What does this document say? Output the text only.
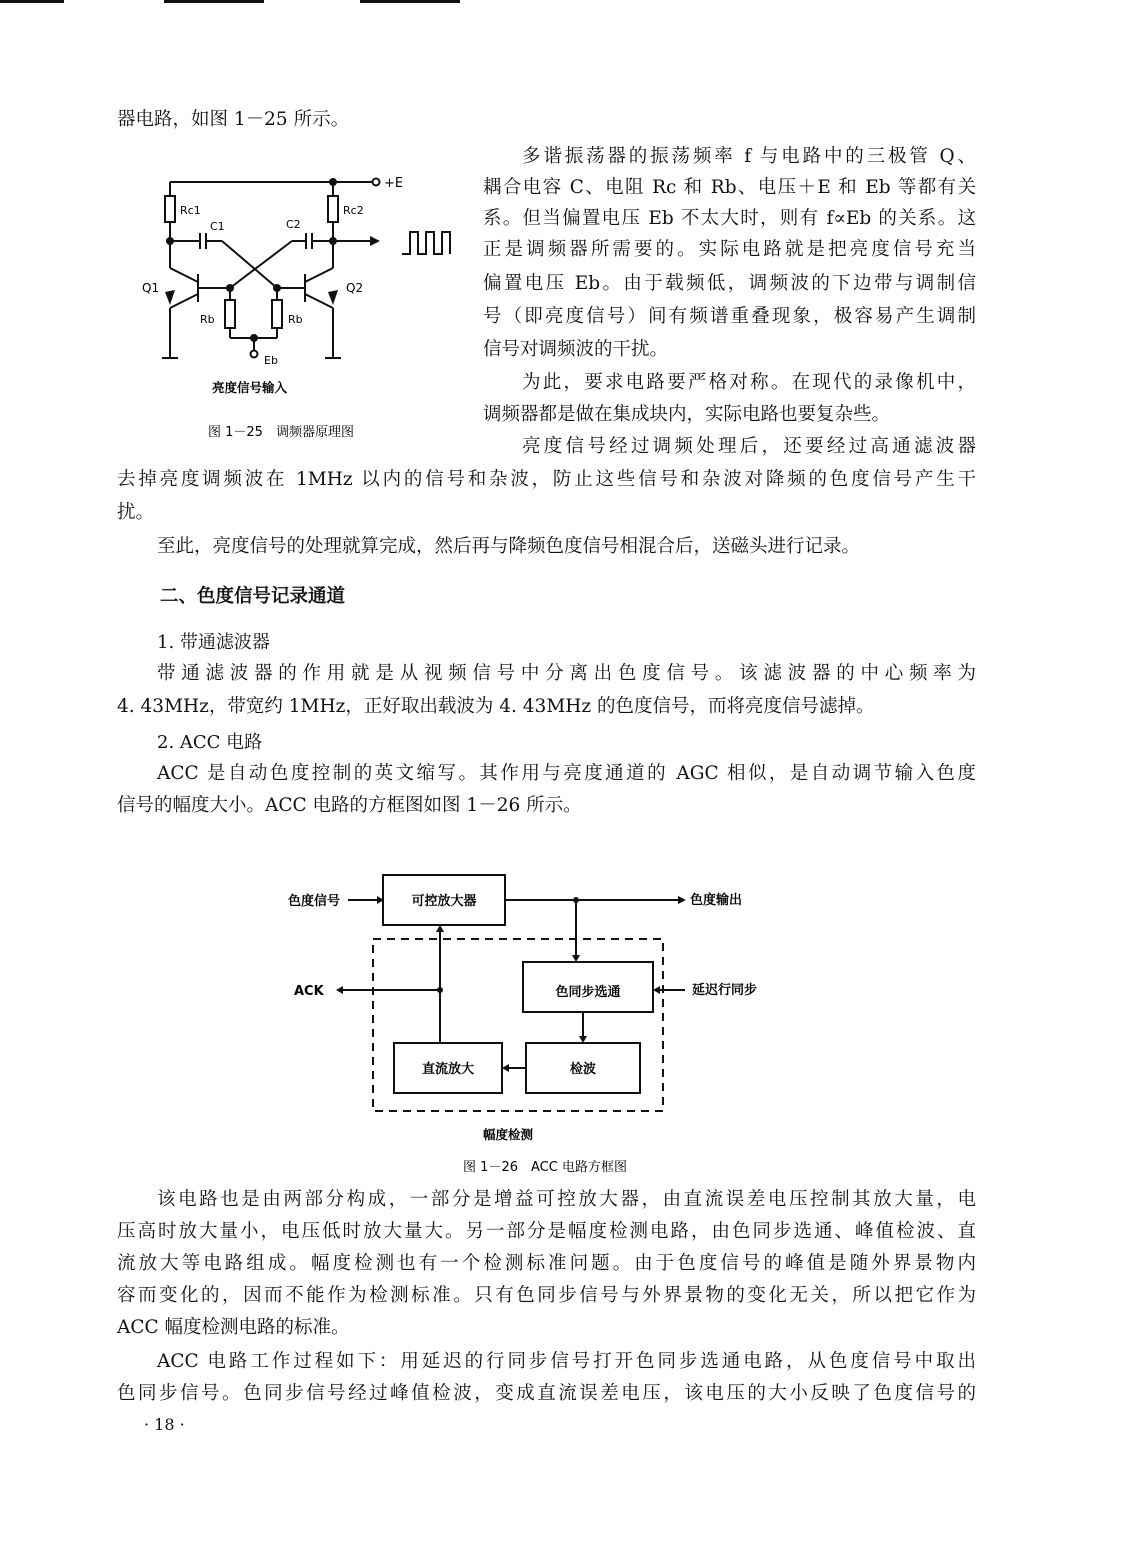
器电路，如图 1－25 所示。

+E
Rc1	Rc2
C1	C2
Q1	Q2
Rb	Rb
Eb
亮度信号输入
图 1－25　调频器原理图

多谐振荡器的振荡频率 f 与电路中的三极管 Q、

耦合电容 C、电阻 Rc 和 Rb、电压＋E 和 Eb 等都有关

系。但当偏置电压 Eb 不太大时，则有 f∝Eb 的关系。这

正是调频器所需要的。实际电路就是把亮度信号充当

偏置电压 Eb。由于载频低，调频波的下边带与调制信

号（即亮度信号）间有频谱重叠现象，极容易产生调制

信号对调频波的干扰。

为此，要求电路要严格对称。在现代的录像机中，

调频器都是做在集成块内，实际电路也要复杂些。

亮度信号经过调频处理后，还要经过高通滤波器

去掉亮度调频波在 1MHz 以内的信号和杂波，防止这些信号和杂波对降频的色度信号产生干

扰。

至此，亮度信号的处理就算完成，然后再与降频色度信号相混合后，送磁头进行记录。

二、色度信号记录通道
1. 带通滤波器

带通滤波器的作用就是从视频信号中分离出色度信号。该滤波器的中心频率为

4. 43MHz，带宽约 1MHz，正好取出载波为 4. 43MHz 的色度信号，而将亮度信号滤掉。

2. ACC 电路

ACC 是自动色度控制的英文缩写。其作用与亮度通道的 AGC 相似，是自动调节输入色度

信号的幅度大小。ACC 电路的方框图如图 1－26 所示。

色度信号	可控放大器	色度输出
ACK	色同步选通	延迟行同步
直流放大	检波
幅度检测
图 1－26　ACC 电路方框图

该电路也是由两部分构成，一部分是增益可控放大器，由直流误差电压控制其放大量，电

压高时放大量小，电压低时放大量大。另一部分是幅度检测电路，由色同步选通、峰值检波、直

流放大等电路组成。幅度检测也有一个检测标准问题。由于色度信号的峰值是随外界景物内

容而变化的，因而不能作为检测标准。只有色同步信号与外界景物的变化无关，所以把它作为

ACC 幅度检测电路的标准。

ACC 电路工作过程如下：用延迟的行同步信号打开色同步选通电路，从色度信号中取出

色同步信号。色同步信号经过峰值检波，变成直流误差电压，该电压的大小反映了色度信号的

· 18 ·
